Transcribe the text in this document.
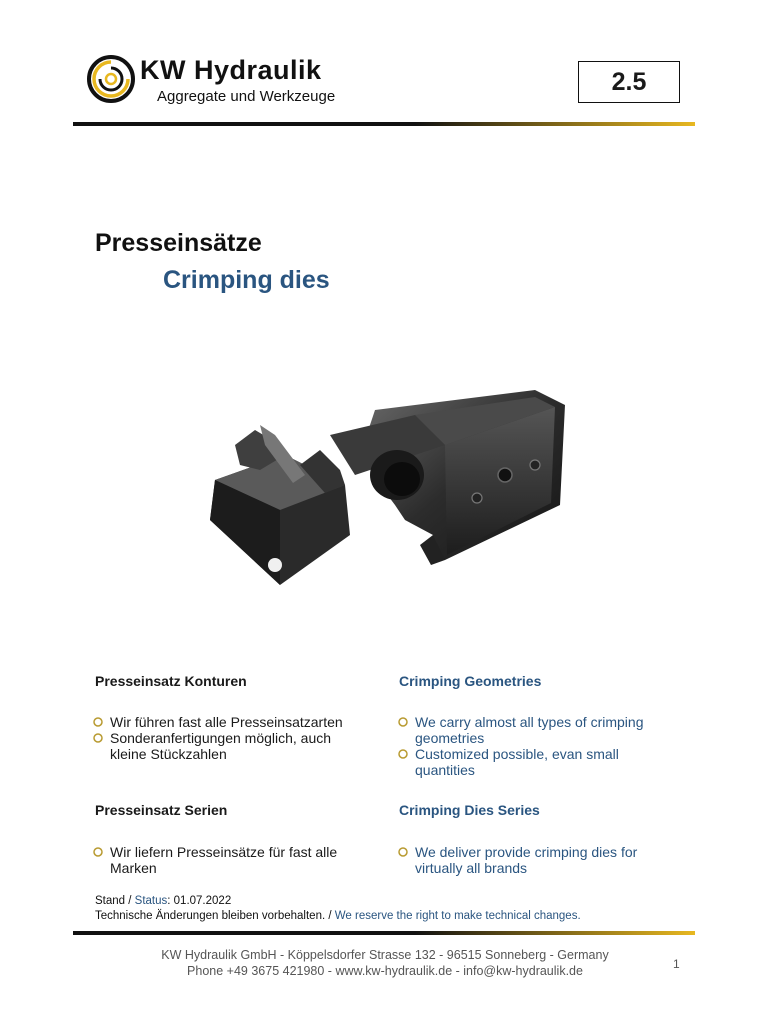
KW Hydraulik
Aggregate und Werkzeuge
2.5
Presseinsätze
Crimping dies
Presseinsatz Konturen
Wir führen fast alle Presseinsatzarten
Sonderanfertigungen möglich, auch
kleine Stückzahlen
Crimping Geometries
We carry almost all types of crimping
geometries
Customized possible, evan small
quantities
Presseinsatz Serien
Wir liefern Presseinsätze für fast alle
Marken
Crimping Dies Series
We deliver provide crimping dies for
virtually all brands
Stand / Status: 01.07.2022
Technische Änderungen bleiben vorbehalten. / We reserve the right to make technical changes.
KW Hydraulik GmbH - Köppelsdorfer Strasse 132 - 96515 Sonneberg - Germany
Phone +49 3675 421980 - www.kw-hydraulik.de - info@kw-hydraulik.de	1
